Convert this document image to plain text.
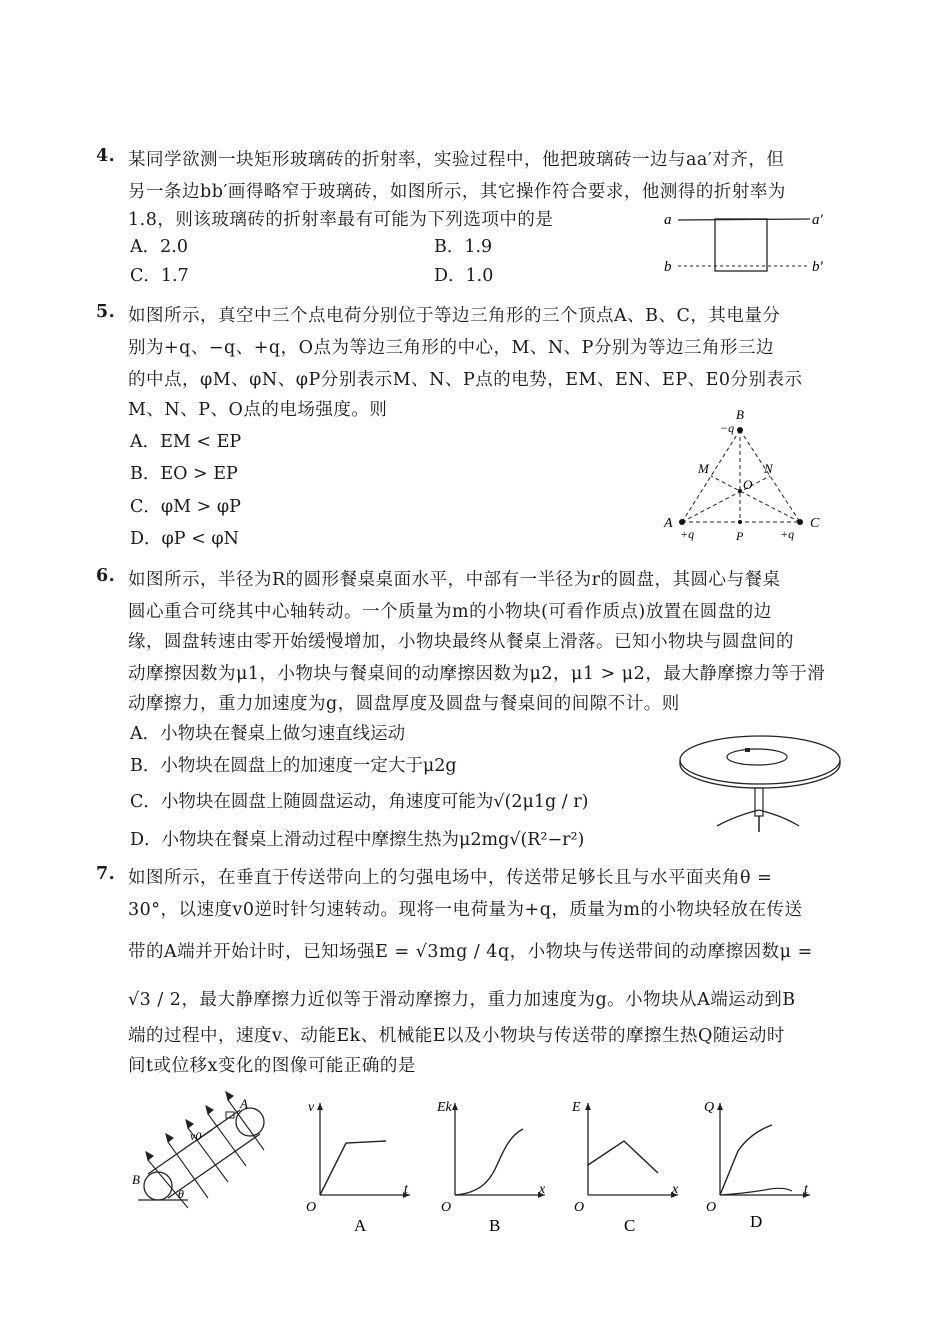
4. 某同学欲测一块矩形玻璃砖的折射率，实验过程中，他把玻璃砖一边与aa′对齐，但
另一条边bb′画得略窄于玻璃砖，如图所示，其它操作符合要求，他测得的折射率为
1.8，则该玻璃砖的折射率最有可能为下列选项中的是
A．2.0	B．1.9
C．1.7	D．1.0
a	a′
b	b′
5. 如图所示，真空中三个点电荷分别位于等边三角形的三个顶点A、B、C，其电量分
别为+q、−q、+q，O点为等边三角形的中心，M、N、P分别为等边三角形三边
的中点，φM、φN、φP分别表示M、N、P点的电势，EM、EN、EP、E0分别表示
M、N、P、O点的电场强度。则
A．EM < EP
B．EO > EP
C．φM > φP
D．φP < φN
B
−q
M	N
O
A	C
P
+q	+q
6. 如图所示，半径为R的圆形餐桌桌面水平，中部有一半径为r的圆盘，其圆心与餐桌
圆心重合可绕其中心轴转动。一个质量为m的小物块(可看作质点)放置在圆盘的边
缘，圆盘转速由零开始缓慢增加，小物块最终从餐桌上滑落。已知小物块与圆盘间的
动摩擦因数为μ1，小物块与餐桌间的动摩擦因数为μ2，μ1 > μ2，最大静摩擦力等于滑
动摩擦力，重力加速度为g，圆盘厚度及圆盘与餐桌间的间隙不计。则
A．小物块在餐桌上做匀速直线运动
B．小物块在圆盘上的加速度一定大于μ2g
C．小物块在圆盘上随圆盘运动，角速度可能为√(2μ1g / r)
D．小物块在餐桌上滑动过程中摩擦生热为μ2mg√(R²−r²)
7. 如图所示，在垂直于传送带向上的匀强电场中，传送带足够长且与水平面夹角θ =
30°，以速度v0逆时针匀速转动。现将一电荷量为+q，质量为m的小物块轻放在传送
带的A端并开始计时，已知场强E = √3mg / 4q，小物块与传送带间的动摩擦因数μ =
√3 / 2，最大静摩擦力近似等于滑动摩擦力，重力加速度为g。小物块从A端运动到B
端的过程中，速度v、动能Ek、机械能E以及小物块与传送带的摩擦生热Q随运动时
间t或位移x变化的图像可能正确的是
A
B
v0
θ
v
t
O
A
Ek
x
O
B
E
x
O
C
Q
t
O
D
